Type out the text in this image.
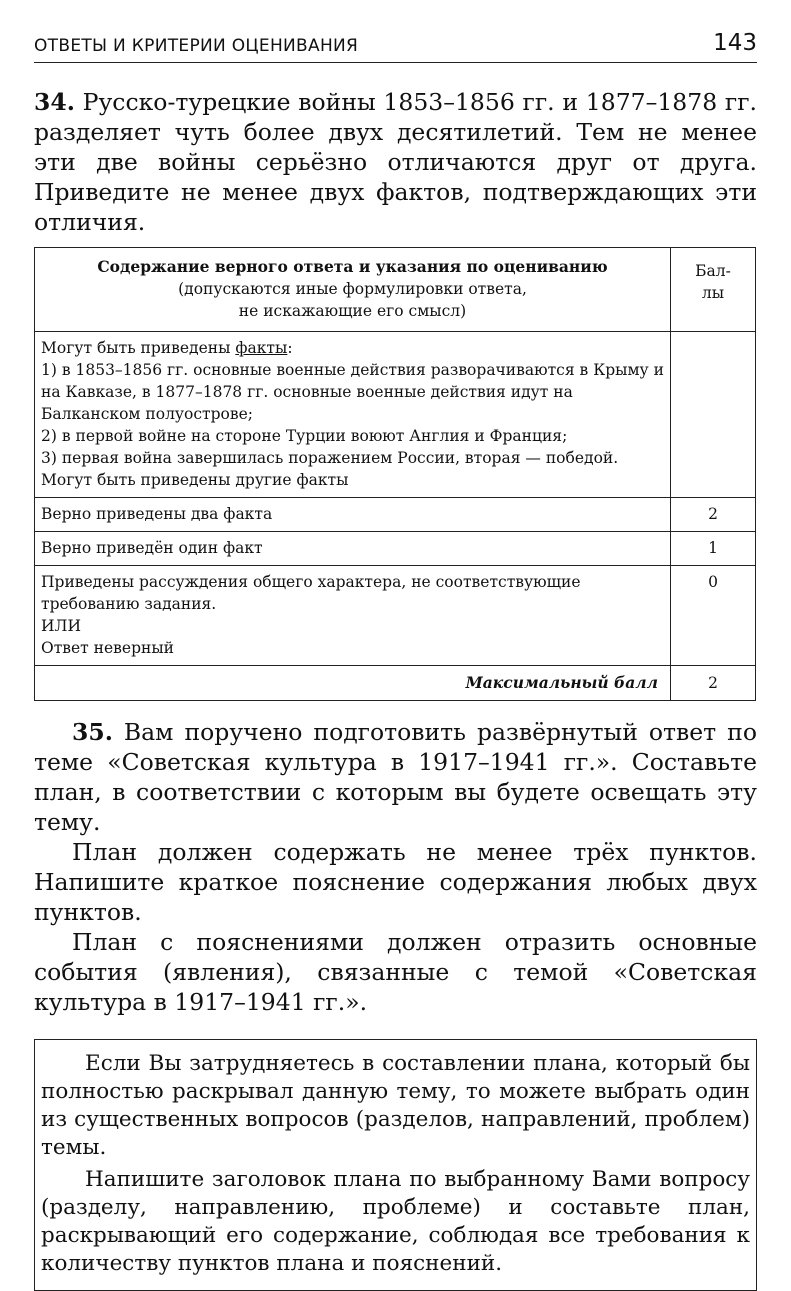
ОТВЕТЫ И КРИТЕРИИ ОЦЕНИВАНИЯ	143

34. Русско-турецкие войны 1853–1856 гг. и 1877–1878 гг. разделяет чуть более двух десятилетий. Тем не менее эти две войны серьёзно отличаются друг от друга. Приведите не менее двух фактов, подтверждающих эти отличия.

Содержание верного ответа и указания по оцениванию
(допускаются иные формулировки ответа,
не искажающие его смысл)	Бал-
лы

Могут быть приведены факты:
1) в 1853–1856 гг. основные военные действия разворачиваются в Крыму и на Кавказе, в 1877–1878 гг. основные военные действия идут на Балканском полуострове;
2) в первой войне на стороне Турции воюют Англия и Франция;
3) первая война завершилась поражением России, вторая — победой.
Могут быть приведены другие факты	

Верно приведены два факта	2
Верно приведён один факт	1

Приведены рассуждения общего характера, не соответствующие требованию задания.
ИЛИ
Ответ неверный	0
Максимальный балл	2

35. Вам поручено подготовить развёрнутый ответ по теме «Советская культура в 1917–1941 гг.». Составьте план, в соответствии с которым вы будете освещать эту тему.

План должен содержать не менее трёх пунктов. Напишите краткое пояснение содержания любых двух пунктов.

План с пояснениями должен отразить основные события (явления), связанные с темой «Советская культура в 1917–1941 гг.».

Если Вы затрудняетесь в составлении плана, который бы полностью раскрывал данную тему, то можете выбрать один из существенных вопросов (разделов, направлений, проблем) темы.

Напишите заголовок плана по выбранному Вами вопросу (разделу, направлению, проблеме) и составьте план, раскрывающий его содержание, соблюдая все требования к количеству пунктов плана и пояснений.
